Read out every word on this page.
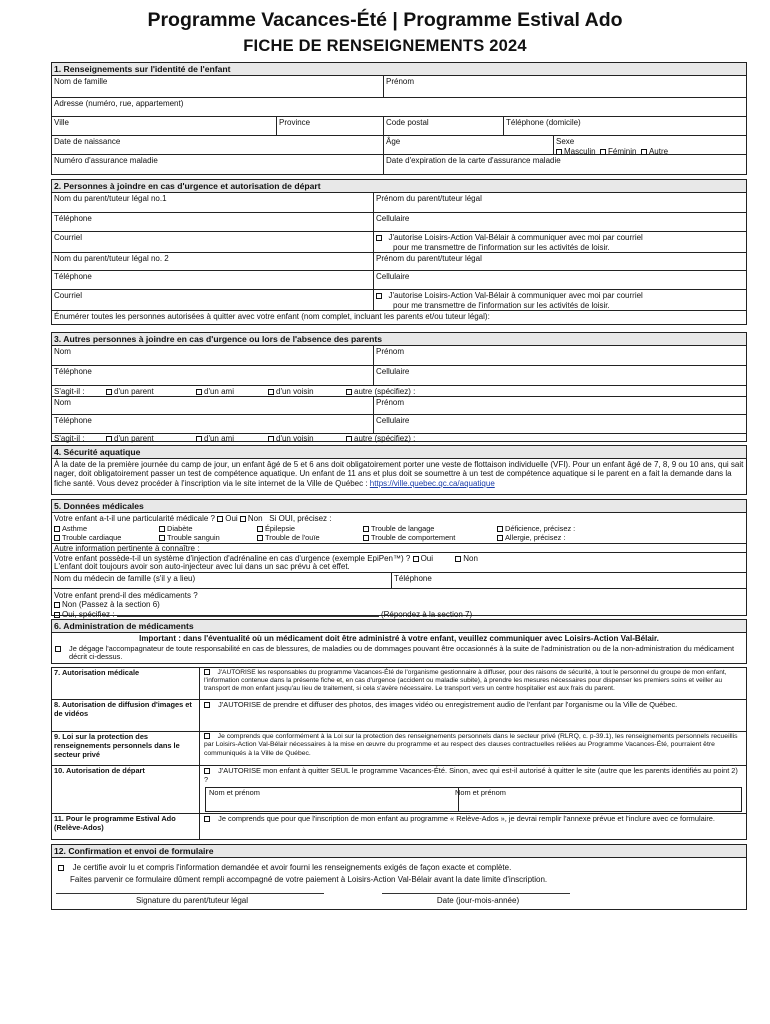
Programme Vacances-Été | Programme Estival Ado
FICHE DE RENSEIGNEMENTS 2024
1. Renseignements sur l'identité de l'enfant
Nom de famille	Prénom
Adresse (numéro, rue, appartement)
Ville	Province	Code postal	Téléphone (domicile)
Date de naissance	Âge	Sexe
Masculin Féminin Autre
Numéro d'assurance maladie	Date d'expiration de la carte d'assurance maladie
2. Personnes à joindre en cas d'urgence et autorisation de départ
Nom du parent/tuteur légal no.1	Prénom du parent/tuteur légal
Téléphone	Cellulaire
Courriel	J'autorise Loisirs-Action Val-Bélair à communiquer avec moi par courriel
pour me transmettre de l'information sur les activités de loisir.
Nom du parent/tuteur légal no. 2	Prénom du parent/tuteur légal
Téléphone	Cellulaire
Courriel	J'autorise Loisirs-Action Val-Bélair à communiquer avec moi par courriel
pour me transmettre de l'information sur les activités de loisir.
Énumérer toutes les personnes autorisées à quitter avec votre enfant (nom complet, incluant les parents et/ou tuteur légal):
3. Autres personnes à joindre en cas d'urgence ou lors de l'absence des parents
Nom	Prénom
Téléphone	Cellulaire
S'agit-il :	d'un parent	d'un ami	d'un voisin	autre (spécifiez) :
Nom	Prénom
Téléphone	Cellulaire
S'agit-il :	d'un parent	d'un ami	d'un voisin	autre (spécifiez) :
4. Sécurité aquatique
À la date de la première journée du camp de jour, un enfant âgé de 5 et 6 ans doit obligatoirement porter une veste de flottaison individuelle (VFI). Pour un enfant âgé de 7, 8, 9 ou 10 ans, qui sait nager, doit obligatoirement passer un test de compétence aquatique. Un enfant de 11 ans et plus doit se soumettre à un test de compétence aquatique si le parent en a fait la demande dans la fiche santé. Vous devez procéder à l'inscription via le site internet de la Ville de Québec : https://ville.quebec.qc.ca/aquatique
5. Données médicales
Votre enfant a-t-il une particularité médicale ? Oui Non Si OUI, précisez :
Asthme	Diabète	Épilepsie	Trouble de langage	Déficience, précisez :
Trouble cardiaque	Trouble sanguin	Trouble de l'ouïe	Trouble de comportement	Allergie, précisez :
Autre information pertinente à connaître :
Votre enfant possède-t-il un système d'injection d'adrénaline en cas d'urgence (exemple EpiPen™) ? Oui	Non
L'enfant doit toujours avoir son auto-injecteur avec lui dans un sac prévu à cet effet.
Nom du médecin de famille (s'il y a lieu)	Téléphone
Votre enfant prend-il des médicaments ?
Non (Passez à la section 6)
Oui, spécifiez :	(Répondez à la section 7)
6. Administration de médicaments
Important : dans l'éventualité où un médicament doit être administré à votre enfant, veuillez communiquer avec Loisirs-Action Val-Bélair.
Je dégage l'accompagnateur de toute responsabilité en cas de blessures, de maladies ou de dommages pouvant être occasionnés à la suite de l'administration ou de la non-administration du médicament décrit ci-dessus.
7. Autorisation médicale	J'AUTORISE les responsables du programme Vacances-Été de l'organisme gestionnaire à diffuser, pour des raisons de sécurité, à tout le personnel du groupe de mon enfant, l'information contenue dans la présente fiche et, en cas d'urgence (accident ou maladie subite), à prendre les mesures nécessaires pour dispenser les premiers soins et veiller au transport de mon enfant jusqu'au lieu de traitement, si cela s'avère nécessaire. Le transport vers un centre hospitalier est aux frais du parent.
8. Autorisation de diffusion d'images et de vidéos
J'AUTORISE de prendre et diffuser des photos, des images vidéo ou enregistrement audio de l'enfant par l'organisme ou la Ville de Québec.
9. Loi sur la protection des renseignements personnels dans le secteur privé
Je comprends que conformément à la Loi sur la protection des renseignements personnels dans le secteur privé (RLRQ, c. p-39.1), les renseignements personnels recueillis par Loisirs-Action Val-Bélair nécessaires à la mise en œuvre du programme et au respect des clauses contractuelles reliées au Programme Vacances-Été, pourraient être communiqués à la Ville de Québec.
10. Autorisation de départ	J'AUTORISE mon enfant à quitter SEUL le programme Vacances-Été. Sinon, avec qui est-il autorisé à quitter le site (autre que les parents identifiés au point 2) ?
Nom et prénom	Nom et prénom
11. Pour le programme Estival Ado (Relève-Ados)
Je comprends que pour que l'inscription de mon enfant au programme « Relève-Ados », je devrai remplir l'annexe prévue et l'inclure avec ce formulaire.
12. Confirmation et envoi de formulaire
Je certifie avoir lu et compris l'information demandée et avoir fourni les renseignements exigés de façon exacte et complète.
Faites parvenir ce formulaire dûment rempli accompagné de votre paiement à Loisirs-Action Val-Bélair avant la date limite d'inscription.
Signature du parent/tuteur légal	Date (jour-mois-année)
